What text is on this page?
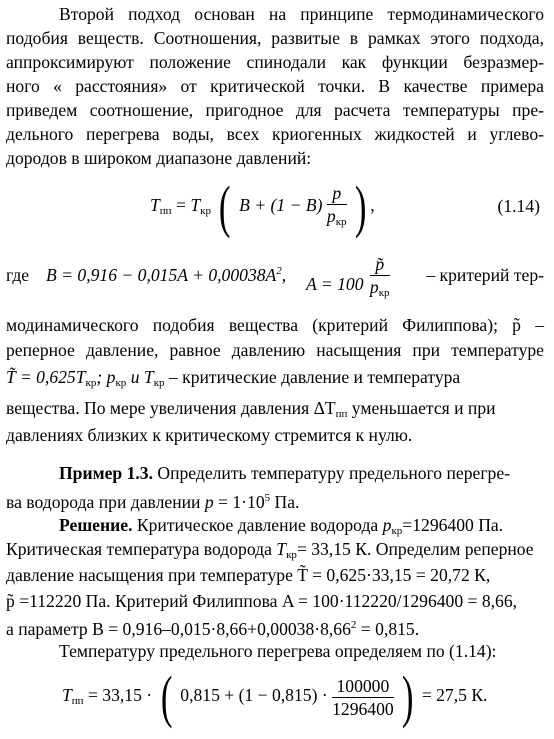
Второй подход основан на принципе термодинамического
подобия веществ. Соотношения, развитые в рамках этого подхода,
аппроксимируют положение спинодали как функции безразмер-
ного « расстояния» от критической точки. В качестве примера
приведем соотношение, пригодное для расчета температуры пре-
дельного перегрева воды, всех криогенных жидкостей и углево-
дородов в широком диапазоне давлений:
$T_{пп} = T_{кр}$ ( $B + (1 - B) \frac{p}{p_{кр}}$ ) ,	(1.14)
где $B = 0,916 - 0,015A + 0,00038A^2$, $A = 100 \frac{p̃}{p_{кр}}$ – критерий тер-
модинамического подобия вещества (критерий Филиппова); p̃ –
реперное давление, равное давлению насыщения при температуре
T̃ = $0,625T_{кр}$; $p_{кр}$ и $T_{кр}$ – критические давление и температура
вещества. По мере увеличения давления $\Delta T_{пп}$ уменьшается и при
давлениях близких к критическому стремится к нулю.
Пример 1.3. Определить температуру предельного перегре-
ва водорода при давлении $p = 1\cdot 10^5$ Па.
Решение. Критическое давление водорода $p_{кр}=1296400$ Па.
Критическая температура водорода $T_{кр}= 33,15$ К. Определим реперное
давление насыщения при температуре T̃ = 0,625·33,15 = 20,72 К,
p̃ =112220 Па. Критерий Филиппова A = 100·112220/1296400 = 8,66,
а параметр $B = 0,916-0,015\cdot 8,66+0,00038\cdot 8,66^2 = 0,815$.
Температуру предельного перегрева определяем по (1.14):
$T_{пп} = 33,15$ · ( $0,815 + (1 - 0,815) \cdot \frac{100000}{1296400}$ ) = 27,5 К.
